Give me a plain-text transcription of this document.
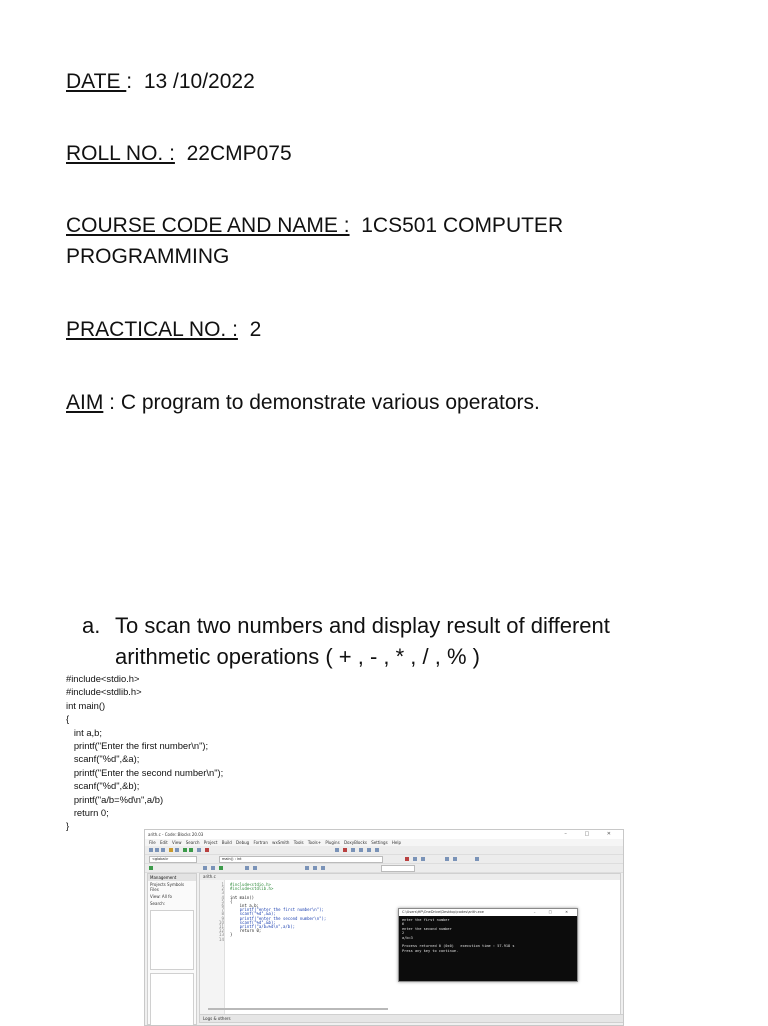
DATE :  13 /10/2022
ROLL NO. : 22CMP075
COURSE CODE AND NAME : 1CS501 COMPUTER
PROGRAMMING
PRACTICAL NO. : 2
AIM : C program to demonstrate various operators.
a. To scan two numbers and display result of different
arithmetic operations ( + , - , * , / , % )
#include<stdio.h>
#include<stdlib.h>
int main()
{
int a,b;
printf("Enter the first number\n");
scanf("%d",&a);
printf("Enter the second number\n");
scanf("%d",&b);
printf("a/b=%d\n",a/b)
return 0;
}
arith.c - Code::Blocks 20.03	– □ ✕
File Edit View Search Project Build Debug Fortran wxSmith Tools Tools+ Plugins DoxyBlocks Settings Help
<global>	main() : int
Management
Projects Symbols Files
View: All fo
Search:
arith.c
1
2
3
4
5
6
7
8
9
10
11
12
13
14
#include<stdio.h>
#include<stdlib.h>
int main()
{
int a,b;
printf("enter the first number\n");
scanf("%d",&a);
printf("enter the second number\n");
scanf("%d",&b);
printf("a/b=%d\n",a/b);
return 0;
}
Logs & others
C:\Users\HP\OneDrive\Desktop\codes\arith.exe	– □ ✕
enter the first number
6
enter the second number
2
a/b=3
Process returned 0 (0x0)   execution time : 57.918 s
Press any key to continue.
